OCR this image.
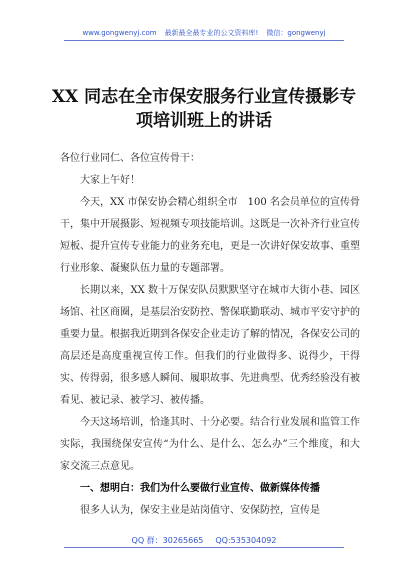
www.gongwenyj.com 最新最全最专业的公文资料库! 微信：gongwenyj
XX 同志在全市保安服务行业宣传摄影专
项培训班上的讲话

各位行业同仁、各位宣传骨干：

大家上午好！

今天，XX 市保安协会精心组织全市　100 名会员单位的宣传骨干，集中开展摄影、短视频专项技能培训。这既是一次补齐行业宣传短板、提升宣传专业能力的业务充电，更是一次讲好保安故事、重塑行业形象、凝聚队伍力量的专题部署。

长期以来，XX 数十万保安队员默默坚守在城市大街小巷、园区场馆、社区商圈，是基层治安防控、警保联勤联动、城市平安守护的重要力量。根据我近期到各保安企业走访了解的情况，各保安公司的高层还是高度重视宣传工作。但我们的行业做得多、说得少，干得实、传得弱，很多感人瞬间、履职故事、先进典型、优秀经验没有被看见、被记录、被学习、被传播。

今天这场培训，恰逢其时、十分必要。结合行业发展和监管工作实际，我围绕保安宣传“为什么、是什么、怎么办”三个维度，和大家交流三点意见。

一、想明白：我们为什么要做行业宣传、做新媒体传播

很多人认为，保安主业是站岗值守、安保防控，宣传是

QQ 群：30265665 QQ:535304092
